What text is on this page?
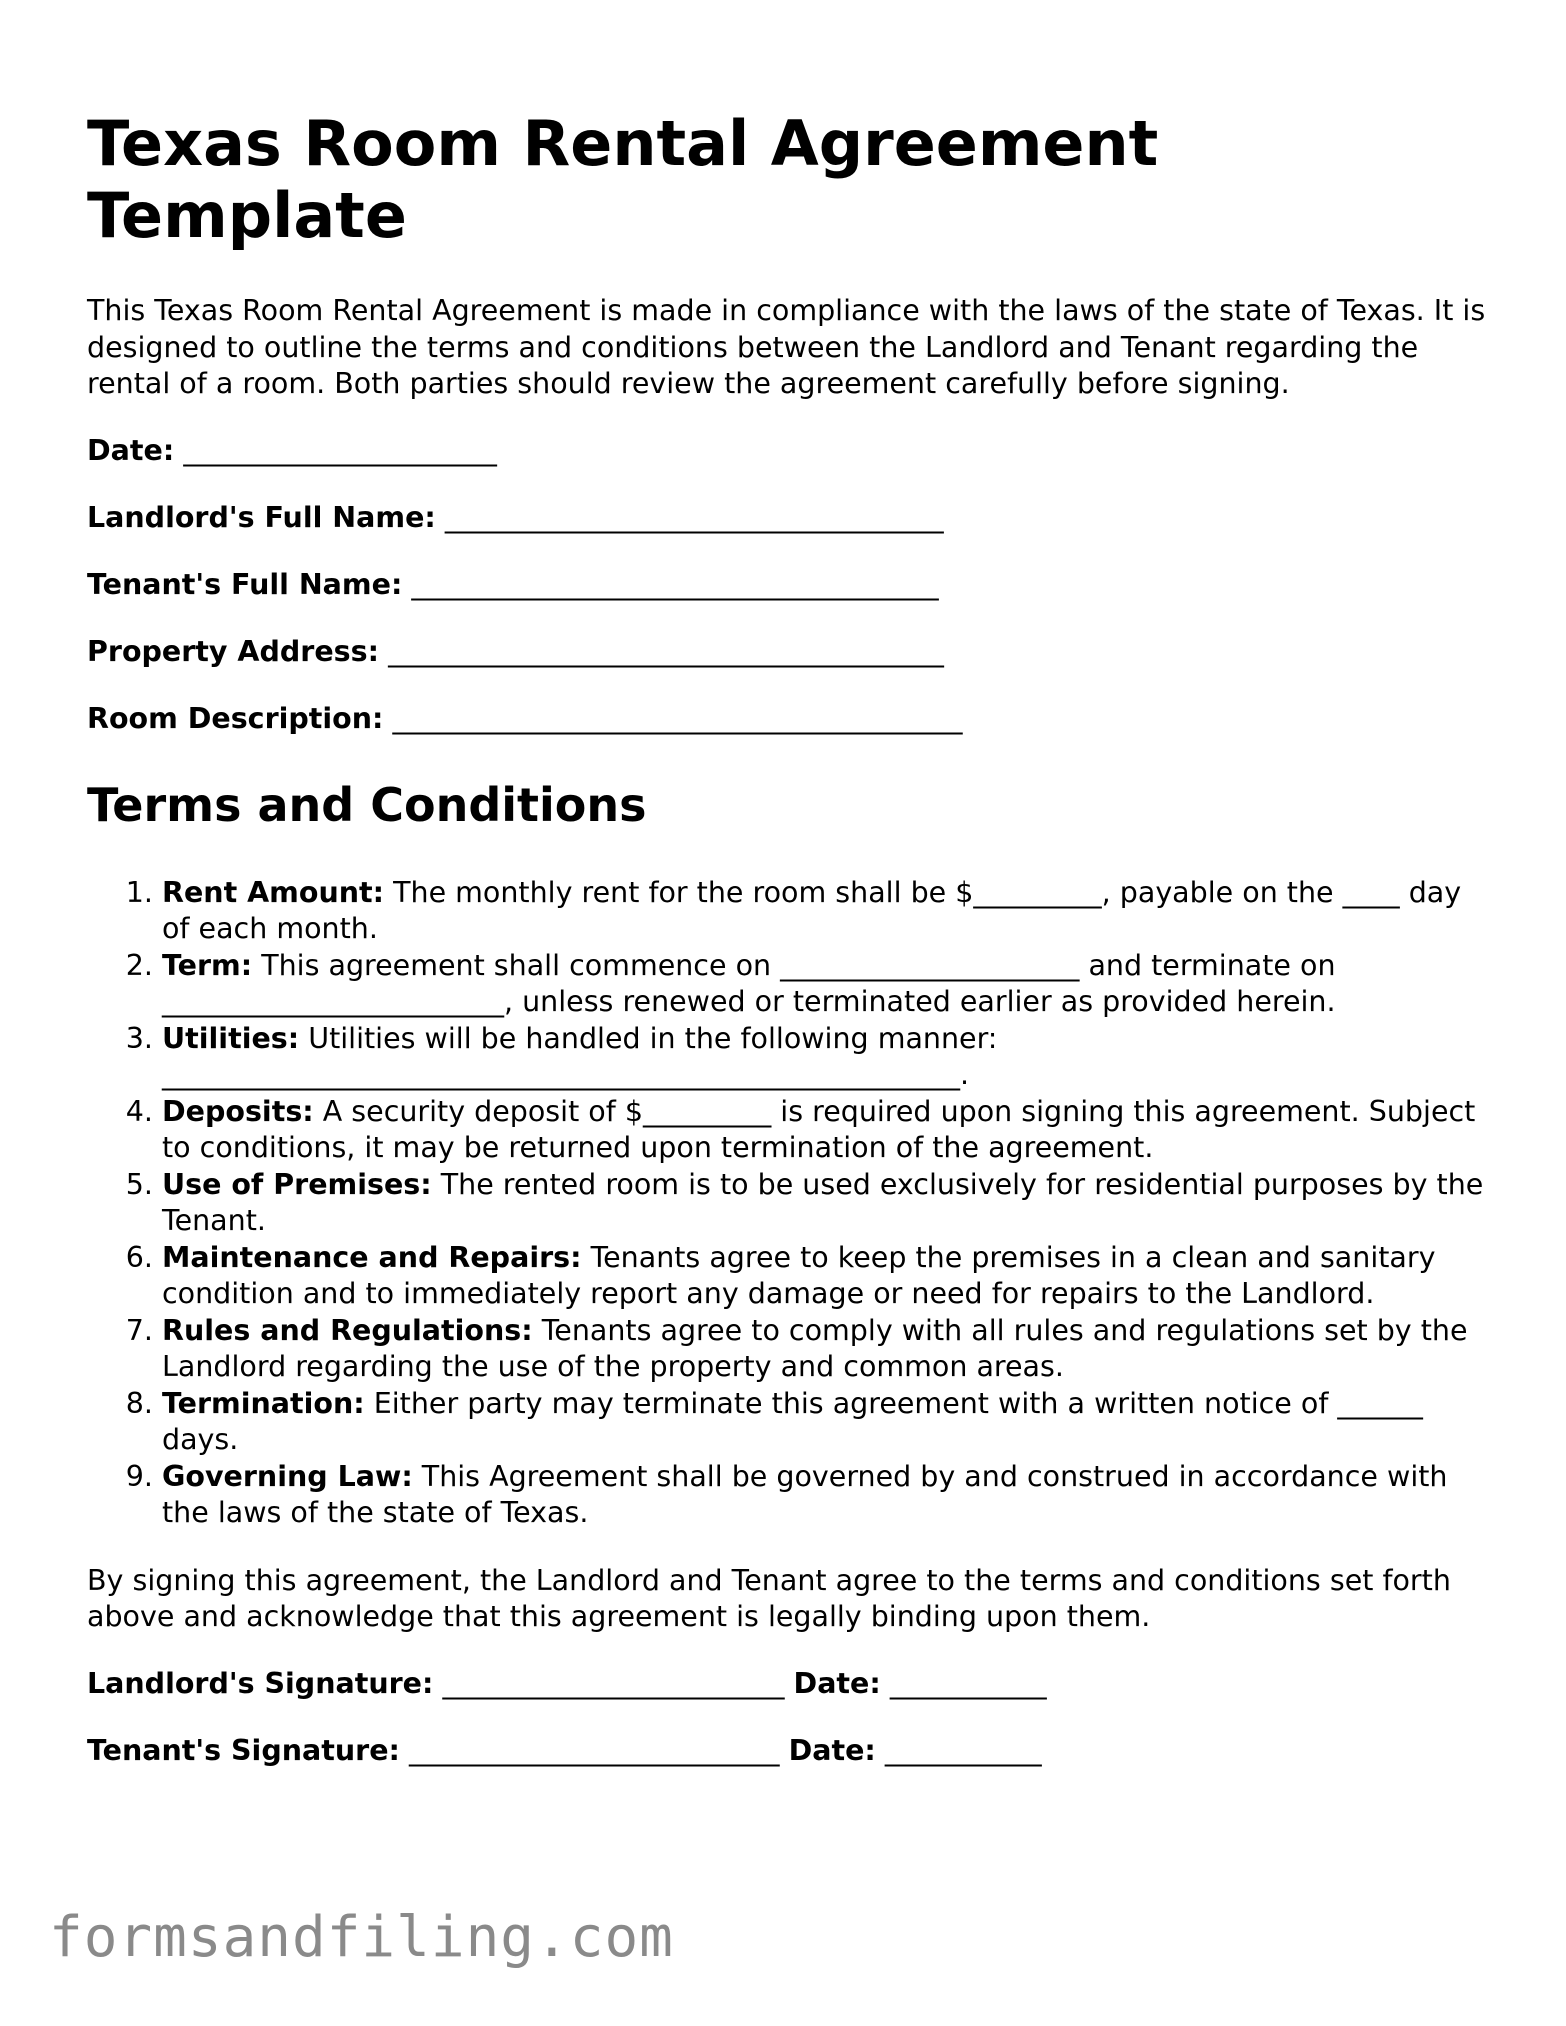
Texas Room Rental Agreement Template

This Texas Room Rental Agreement is made in compliance with the laws of the state of Texas. It is designed to outline the terms and conditions between the Landlord and Tenant regarding the rental of a room. Both parties should review the agreement carefully before signing.

Date: ______________________

Landlord's Full Name: ___________________________________

Tenant's Full Name: _____________________________________

Property Address: _______________________________________

Room Description: ________________________________________

Terms and Conditions
1. Rent Amount: The monthly rent for the room shall be $_________, payable on the ____ day of each month.
2. Term: This agreement shall commence on _____________________ and terminate on ________________________, unless renewed or terminated earlier as provided herein.
3. Utilities: Utilities will be handled in the following manner: ________________________________________________________.
4. Deposits: A security deposit of $_________ is required upon signing this agreement. Subject to conditions, it may be returned upon termination of the agreement.
5. Use of Premises: The rented room is to be used exclusively for residential purposes by the Tenant.
6. Maintenance and Repairs: Tenants agree to keep the premises in a clean and sanitary condition and to immediately report any damage or need for repairs to the Landlord.
7. Rules and Regulations: Tenants agree to comply with all rules and regulations set by the Landlord regarding the use of the property and common areas.
8. Termination: Either party may terminate this agreement with a written notice of ______ days.
9. Governing Law: This Agreement shall be governed by and construed in accordance with the laws of the state of Texas.

By signing this agreement, the Landlord and Tenant agree to the terms and conditions set forth above and acknowledge that this agreement is legally binding upon them.

Landlord's Signature: ________________________ Date: ___________

Tenant's Signature: __________________________ Date: ___________

formsandfiling.com
